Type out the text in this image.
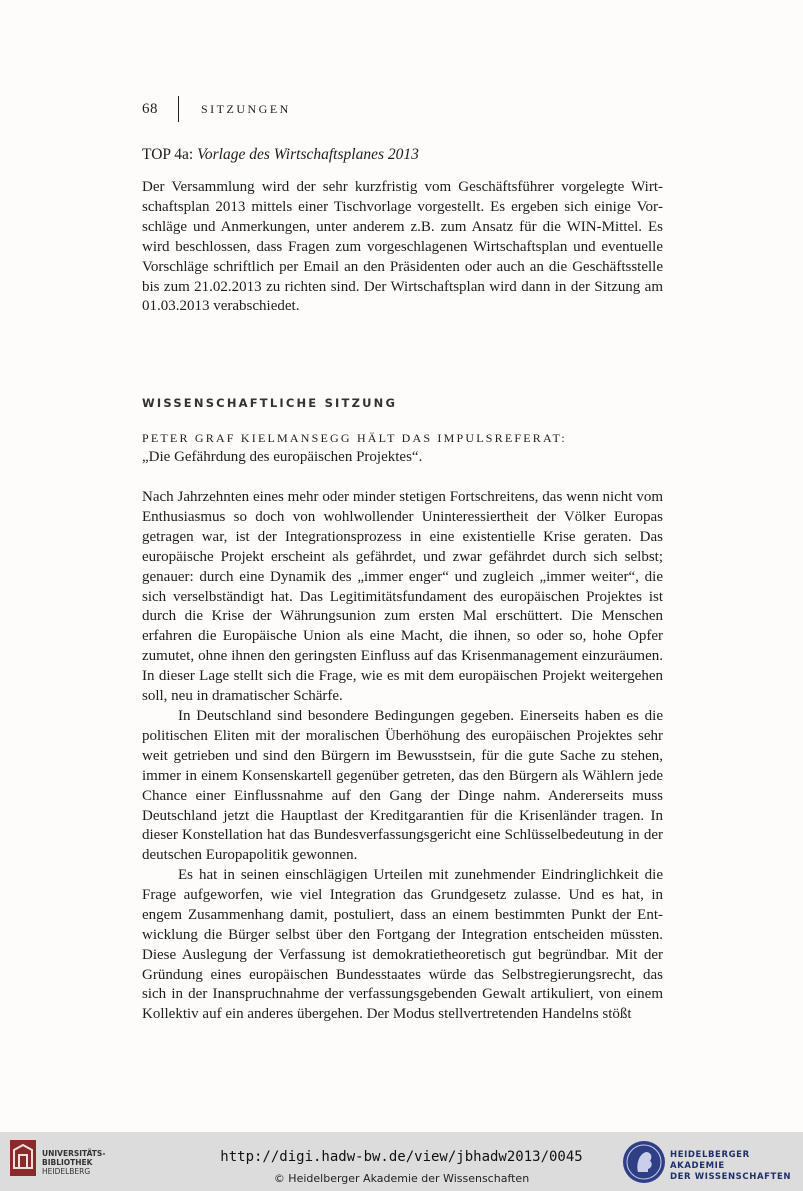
68	SITZUNGEN
TOP 4a: Vorlage des Wirtschaftsplanes 2013

Der Versammlung wird der sehr kurzfristig vom Geschäftsführer vorgelegte Wirtschaftsplan 2013 mittels einer Tischvorlage vorgestellt. Es ergeben sich einige Vorschläge und Anmerkungen, unter anderem z.B. zum Ansatz für die WIN-Mittel. Es wird beschlossen, dass Fragen zum vorgeschlagenen Wirtschaftsplan und eventuelle Vorschläge schriftlich per Email an den Präsidenten oder auch an die Geschäftsstelle bis zum 21.02.2013 zu richten sind. Der Wirtschaftsplan wird dann in der Sitzung am 01.03.2013 verabschiedet.

WISSENSCHAFTLICHE SITZUNG
PETER GRAF KIELMANSEGG HÄLT DAS IMPULSREFERAT:
„Die Gefährdung des europäischen Projektes“.

Nach Jahrzehnten eines mehr oder minder stetigen Fortschreitens, das wenn nicht vom Enthusiasmus so doch von wohlwollender Uninteressiertheit der Völker Europas getragen war, ist der Integrationsprozess in eine existentielle Krise geraten. Das europäische Projekt erscheint als gefährdet, und zwar gefährdet durch sich selbst; genauer: durch eine Dynamik des „immer enger“ und zugleich „immer weiter“, die sich verselbständigt hat. Das Legitimitätsfundament des europäischen Projektes ist durch die Krise der Währungsunion zum ersten Mal erschüttert. Die Menschen erfahren die Europäische Union als eine Macht, die ihnen, so oder so, hohe Opfer zumutet, ohne ihnen den geringsten Einfluss auf das Krisenmanagement einzuräumen. In dieser Lage stellt sich die Frage, wie es mit dem europäischen Projekt weitergehen soll, neu in dramatischer Schärfe.

In Deutschland sind besondere Bedingungen gegeben. Einerseits haben es die politischen Eliten mit der moralischen Überhöhung des europäischen Projektes sehr weit getrieben und sind den Bürgern im Bewusstsein, für die gute Sache zu stehen, immer in einem Konsenskartell gegenüber getreten, das den Bürgern als Wählern jede Chance einer Einflussnahme auf den Gang der Dinge nahm. Andererseits muss Deutschland jetzt die Hauptlast der Kreditgarantien für die Krisenländer tragen. In dieser Konstellation hat das Bundesverfassungsgericht eine Schlüsselbedeutung in der deutschen Europapolitik gewonnen.

Es hat in seinen einschlägigen Urteilen mit zunehmender Eindringlichkeit die Frage aufgeworfen, wie viel Integration das Grundgesetz zulasse. Und es hat, in engem Zusammenhang damit, postuliert, dass an einem bestimmten Punkt der Entwicklung die Bürger selbst über den Fortgang der Integration entscheiden müssten. Diese Auslegung der Verfassung ist demokratietheoretisch gut begründbar. Mit der Gründung eines europäischen Bundesstaates würde das Selbstregierungsrecht, das sich in der Inanspruchnahme der verfassungsgebenden Gewalt artikuliert, von einem Kollektiv auf ein anderes übergehen. Der Modus stellvertretenden Handelns stößt

UNIVERSITÄTS-
BIBLIOTHEK
HEIDELBERG
http://digi.hadw-bw.de/view/jbhadw2013/0045
© Heidelberger Akademie der Wissenschaften
HEIDELBERGER AKADEMIE
DER WISSENSCHAFTEN
